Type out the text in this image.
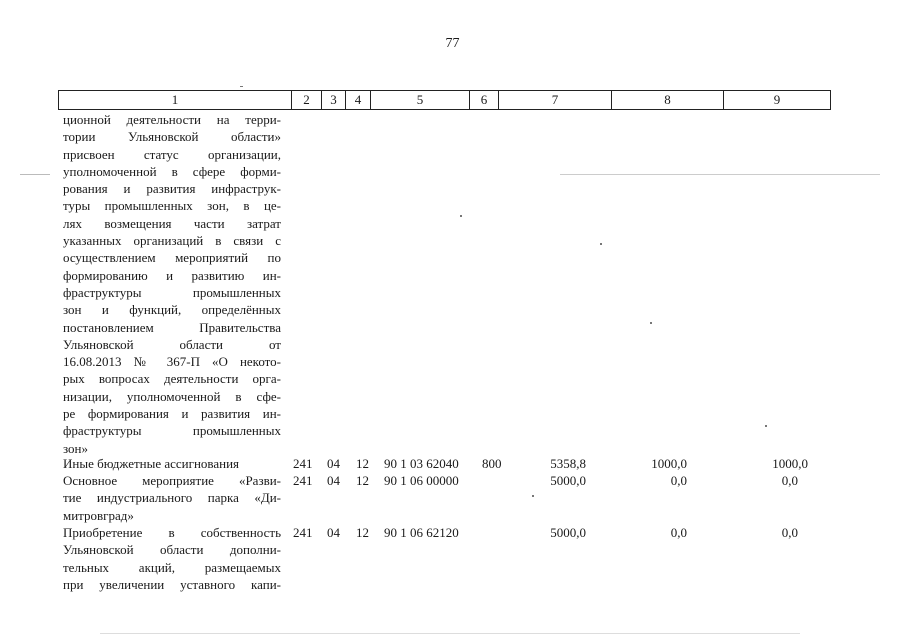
77
1	2	3	4	5	6	7	8	9
ционной деятельности на терри-
тории Ульяновской области»
присвоен статус организации,
уполномоченной в сфере форми-
рования и развития инфраструк-
туры промышленных зон, в це-
лях возмещения части затрат
указанных организаций в связи с
осуществлением мероприятий по
формированию и развитию ин-
фраструктуры промышленных
зон и функций, определённых
постановлением Правительства
Ульяновской области от
16.08.2013 № 367-П «О некото-
рых вопросах деятельности орга-
низации, уполномоченной в сфе-
ре формирования и развития ин-
фраструктуры промышленных
зон»
Иные бюджетные ассигнования	241 04 12 90 1 03 62040 800	5358,8	1000,0	1000,0
Основное мероприятие «Разви-
тие индустриального парка «Ди-
митровград»
241 04 12 90 1 06 00000	5000,0	0,0	0,0
Приобретение в собственность
Ульяновской области дополни-
тельных акций, размещаемых
при увеличении уставного капи-
241 04 12 90 1 06 62120	5000,0	0,0	0,0
